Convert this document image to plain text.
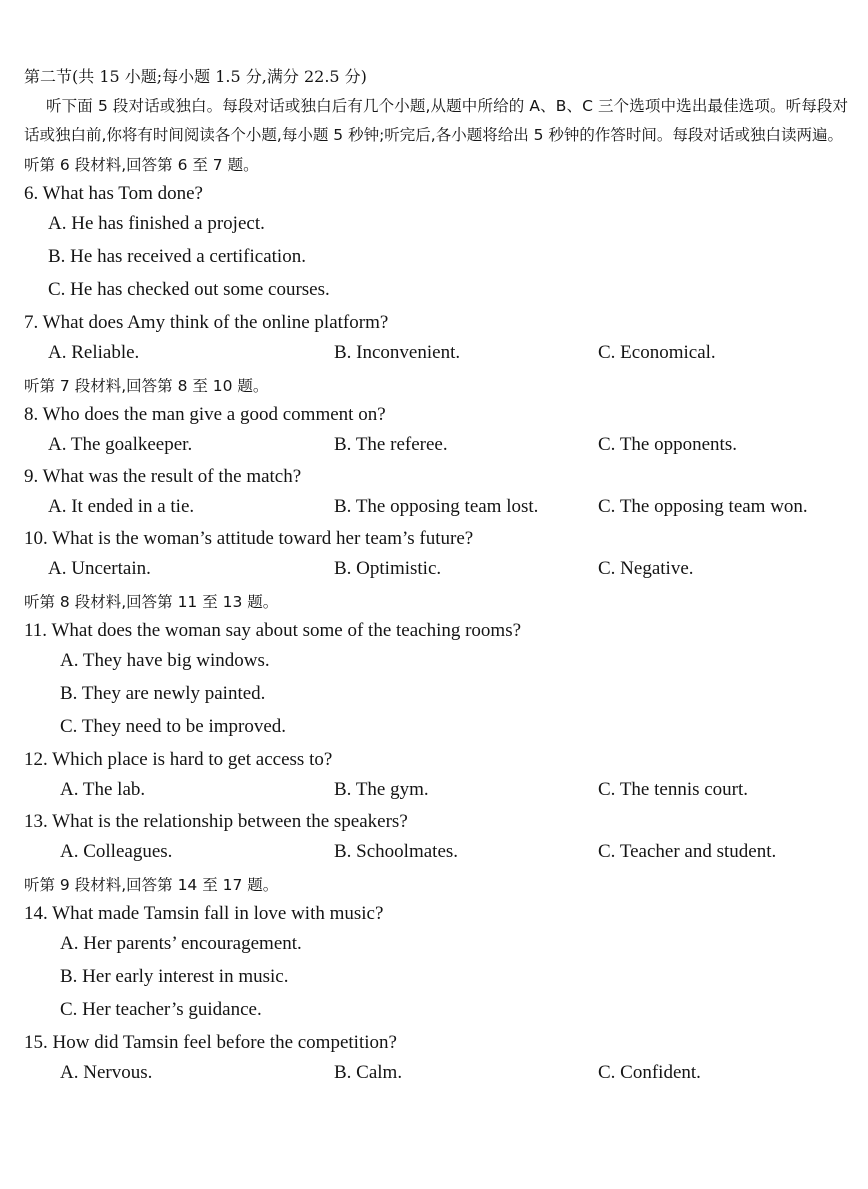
第二节(共 15 小题;每小题 1.5 分,满分 22.5 分)
听下面 5 段对话或独白。每段对话或独白后有几个小题,从题中所给的 A、B、C 三个选项中选出最佳选项。听每段对话或独白前,你将有时间阅读各个小题,每小题 5 秒钟;听完后,各小题将给出 5 秒钟的作答时间。每段对话或独白读两遍。
听第 6 段材料,回答第 6 至 7 题。
6. What has Tom done?
A. He has finished a project.
B. He has received a certification.
C. He has checked out some courses.
7. What does Amy think of the online platform?
A. Reliable.	B. Inconvenient.	C. Economical.
听第 7 段材料,回答第 8 至 10 题。
8. Who does the man give a good comment on?
A. The goalkeeper.	B. The referee.	C. The opponents.
9. What was the result of the match?
A. It ended in a tie.	B. The opposing team lost.	C. The opposing team won.
10. What is the woman’s attitude toward her team’s future?
A. Uncertain.	B. Optimistic.	C. Negative.
听第 8 段材料,回答第 11 至 13 题。
11. What does the woman say about some of the teaching rooms?
A. They have big windows.
B. They are newly painted.
C. They need to be improved.
12. Which place is hard to get access to?
A. The lab.	B. The gym.	C. The tennis court.
13. What is the relationship between the speakers?
A. Colleagues.	B. Schoolmates.	C. Teacher and student.
听第 9 段材料,回答第 14 至 17 题。
14. What made Tamsin fall in love with music?
A. Her parents’ encouragement.
B. Her early interest in music.
C. Her teacher’s guidance.
15. How did Tamsin feel before the competition?
A. Nervous.	B. Calm.	C. Confident.
